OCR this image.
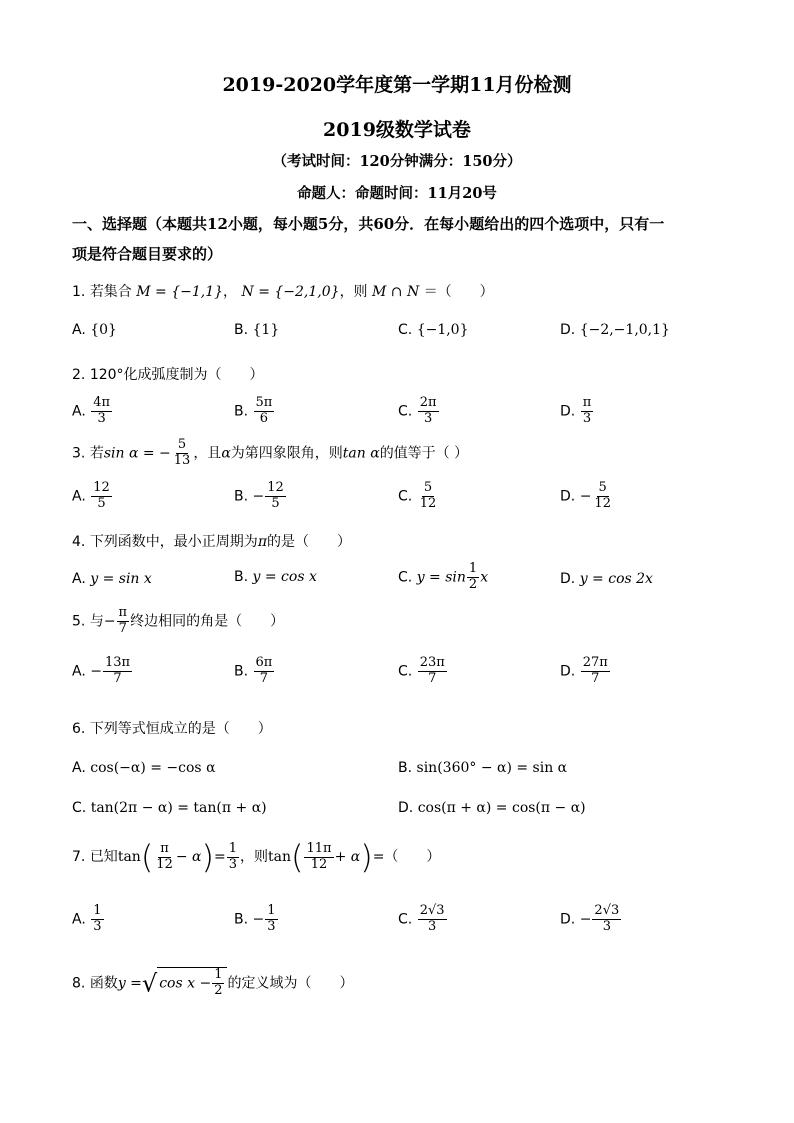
2019-2020学年度第一学期11月份检测
2019级数学试卷
（考试时间：120分钟满分：150分）
命题人：命题时间：11月20号
一、选择题（本题共12小题，每小题5分，共60分．在每小题给出的四个选项中，只有一
项是符合题目要求的）
1. 若集合 M = {−1,1}， N = {−2,1,0}，则 M ∩ N ＝（　　）
A. {0}	B. {1}	C. {−1,0}	D. {−2,−1,0,1}
2. 120°化成弧度制为（　　）
A. $\frac{4\pi}{3}$	B. $\frac{5\pi}{6}$	C. $\frac{2\pi}{3}$	D. $\frac{\pi}{3}$
3. 若sin α = − $\frac{5}{13}$ ，且α为第四象限角，则tan α的值等于（ ）
A. $\frac{12}{5}$	B. − $\frac{12}{5}$	C. $\frac{5}{12}$	D. − $\frac{5}{12}$
4. 下列函数中，最小正周期为π的是（　　）
A. y = sin x	B. y = cos x	C. $y = \sin \frac{1}{2}$ x	D. y = cos 2x
5. 与− $\frac{\pi}{7}$ 终边相同的角是（　　）
A. − $\frac{13\pi}{7}$	B. $\frac{6\pi}{7}$	C. $\frac{23\pi}{7}$	D. $\frac{27\pi}{7}$
6. 下列等式恒成立的是（　　）
A. cos(−α) = −cos α	B. sin(360° − α) = sin α
C. tan(2π − α) = tan(π + α)	D. cos(π + α) = cos(π − α)
7. 已知$\tan( \frac{\pi}{12} - \alpha)= \frac{1}{3}$ ，则$\tan( \frac{11\pi}{12} + \alpha)=$（　　）
A. $\frac{1}{3}$	B. − $\frac{1}{3}$	C. $\frac{2√3}{3}$	D. − $\frac{2√3}{3}$
8. 函数y =√ $\cos x - \frac{1}{2}$ 的定义域为（　　）
